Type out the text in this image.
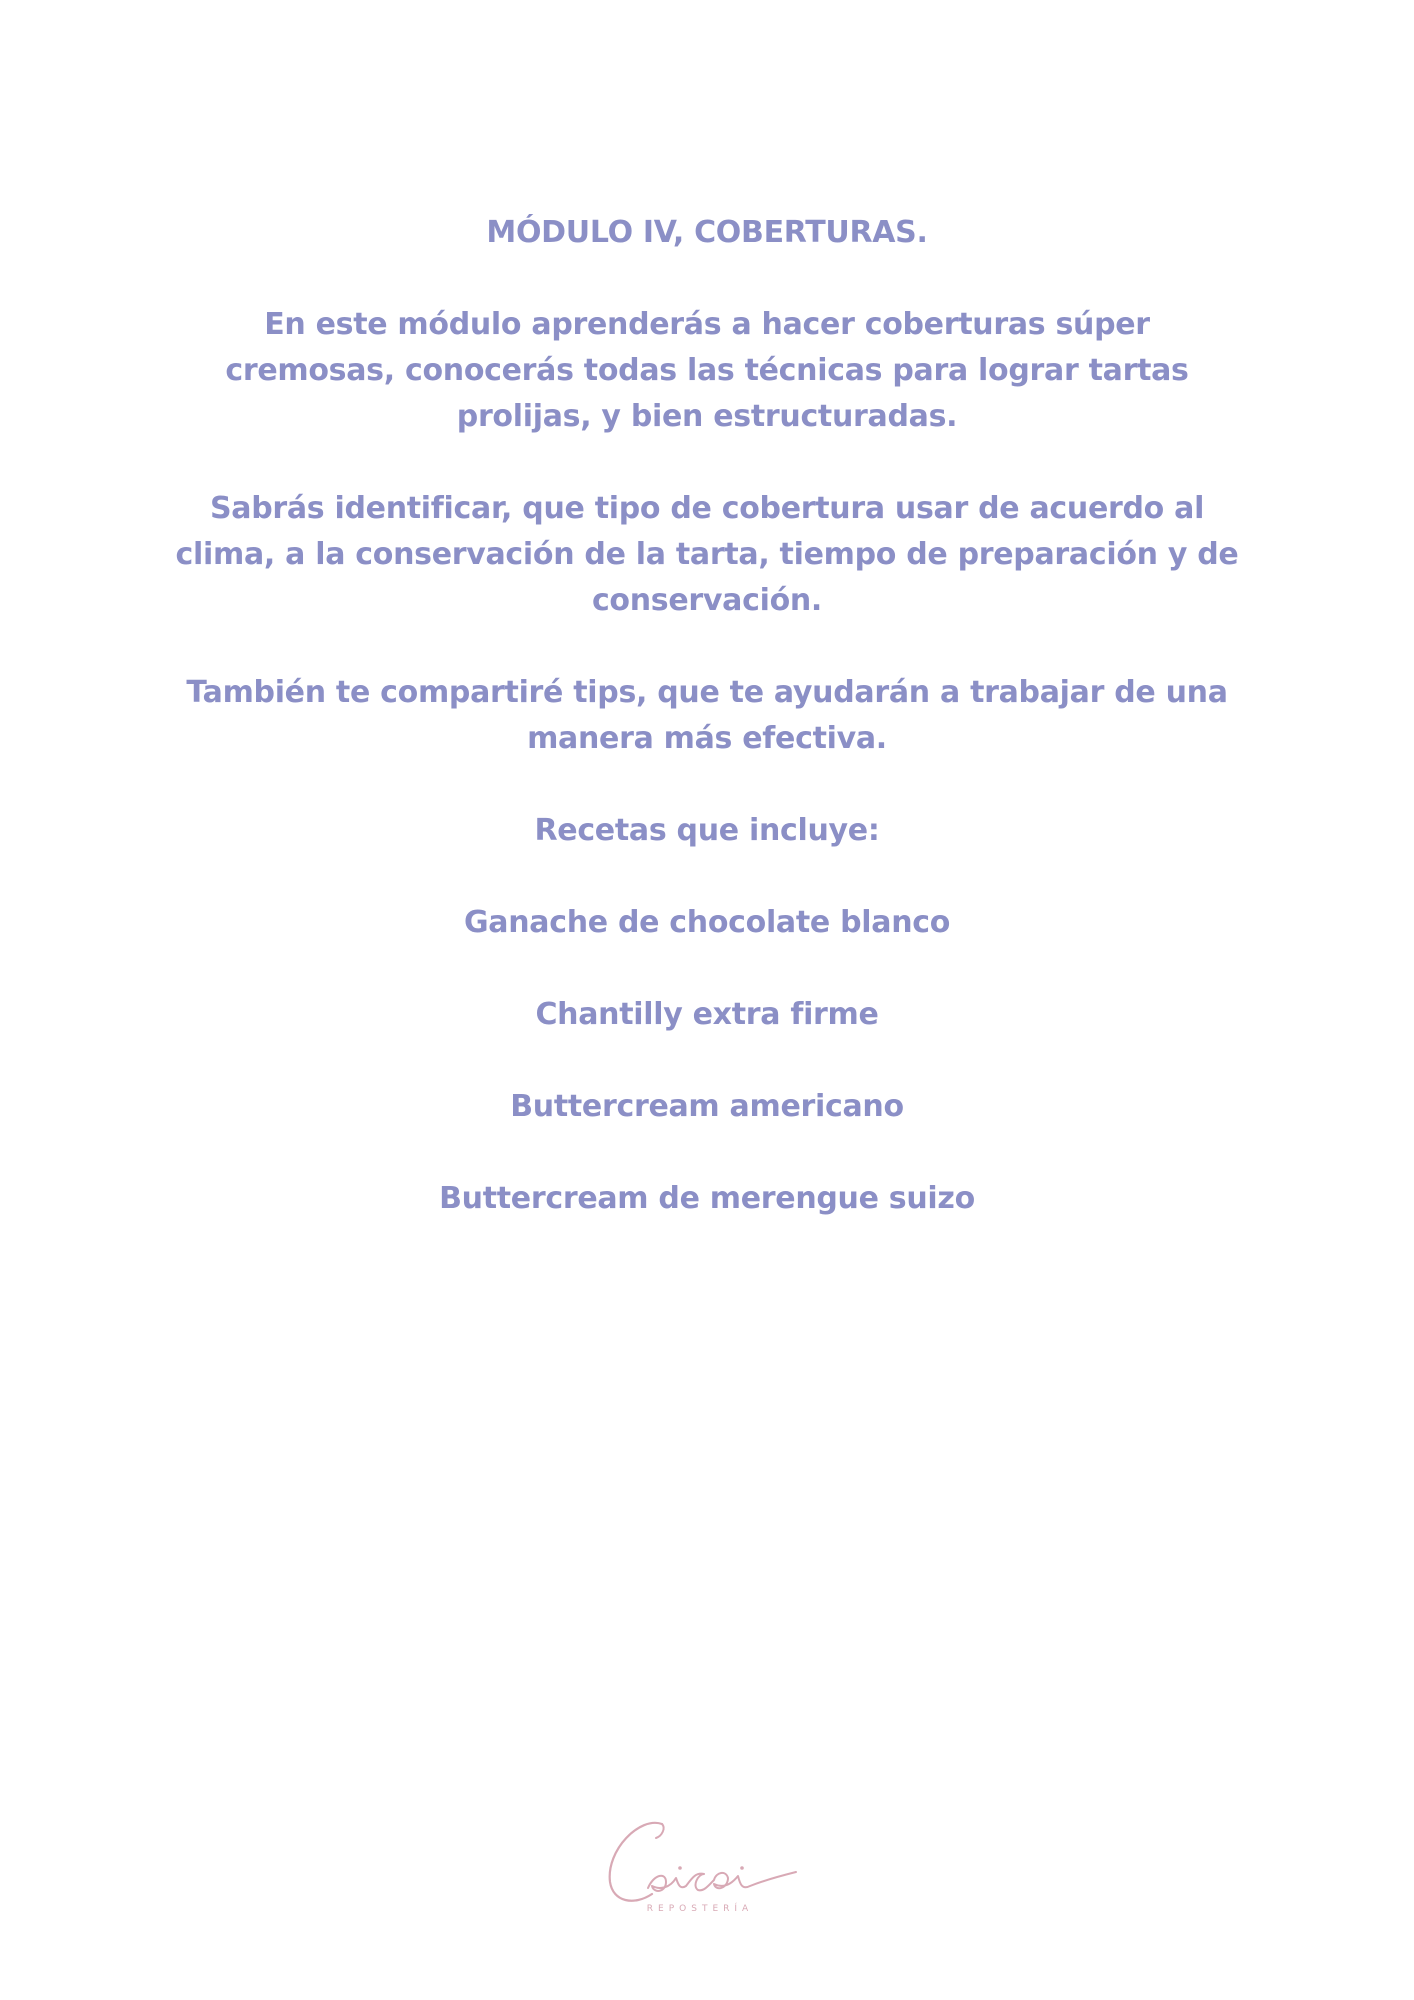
MÓDULO IV, COBERTURAS.

En este módulo aprenderás a hacer coberturas súper

cremosas, conocerás todas las técnicas para lograr tartas

prolijas, y bien estructuradas.

Sabrás identificar, que tipo de cobertura usar de acuerdo al

clima, a la conservación de la tarta, tiempo de preparación y de

conservación.

También te compartiré tips, que te ayudarán a trabajar de una

manera más efectiva.

Recetas que incluye:

Ganache de chocolate blanco

Chantilly extra firme

Buttercream americano

Buttercream de merengue suizo

REPOSTERÍA
